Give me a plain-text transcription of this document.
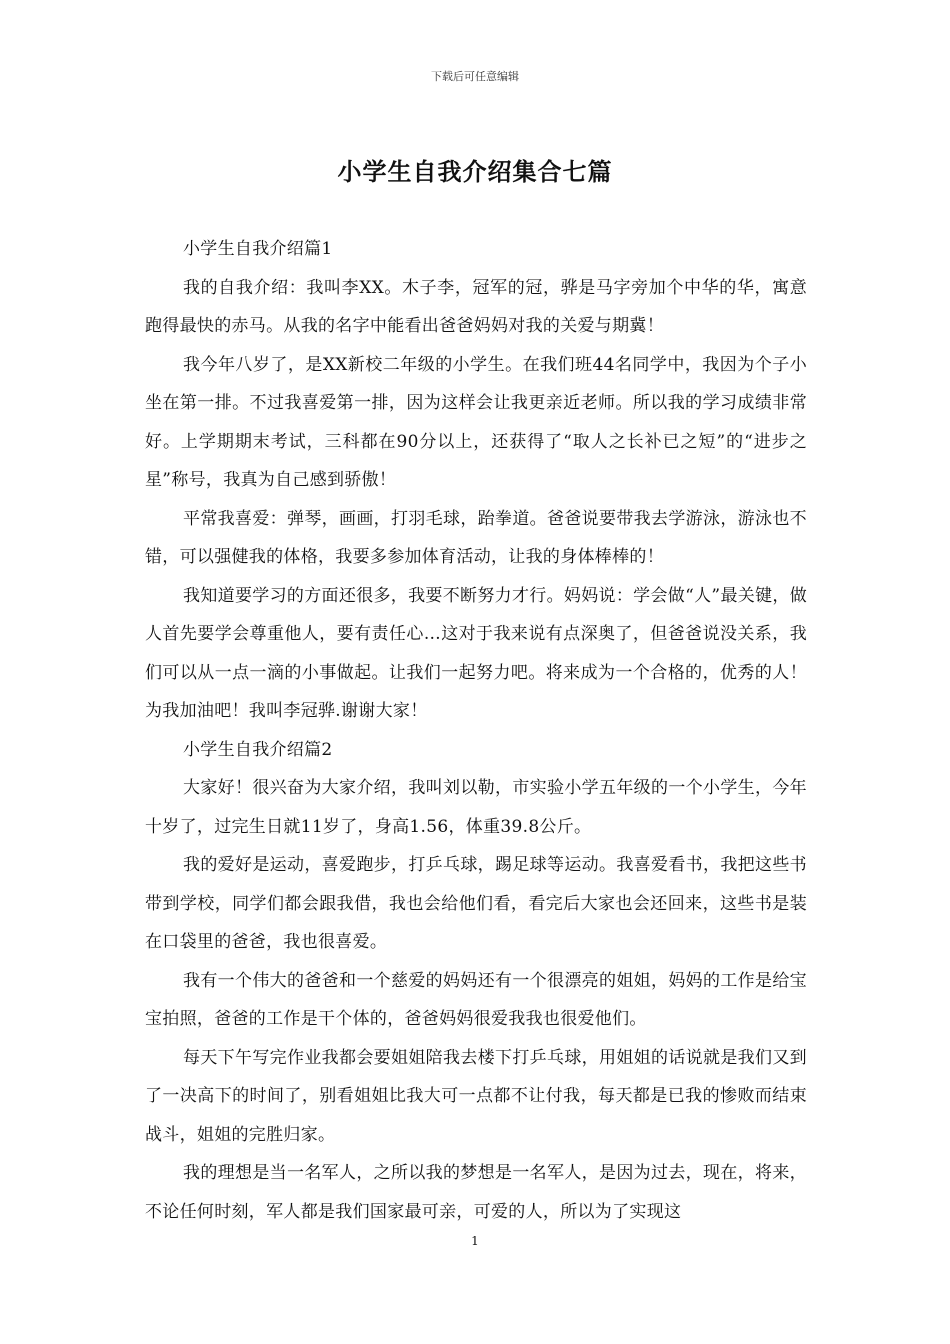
下载后可任意编辑
小学生自我介绍集合七篇

小学生自我介绍篇1

我的自我介绍：我叫李XX。木子李，冠军的冠，骅是马字旁加个中华的华，寓意跑得最快的赤马。从我的名字中能看出爸爸妈妈对我的关爱与期冀！

我今年八岁了，是XX新校二年级的小学生。在我们班44名同学中，我因为个子小坐在第一排。不过我喜爱第一排，因为这样会让我更亲近老师。所以我的学习成绩非常好。上学期期末考试，三科都在90分以上，还获得了“取人之长补已之短”的“进步之星”称号，我真为自己感到骄傲！

平常我喜爱：弹琴，画画，打羽毛球，跆拳道。爸爸说要带我去学游泳，游泳也不错，可以强健我的体格，我要多参加体育活动，让我的身体棒棒的！

我知道要学习的方面还很多，我要不断努力才行。妈妈说：学会做“人”最关键，做人首先要学会尊重他人，要有责任心…这对于我来说有点深奥了，但爸爸说没关系，我们可以从一点一滴的小事做起。让我们一起努力吧。将来成为一个合格的，优秀的人！为我加油吧！我叫李冠骅.谢谢大家！

小学生自我介绍篇2

大家好！很兴奋为大家介绍，我叫刘以勒，市实验小学五年级的一个小学生，今年十岁了，过完生日就11岁了，身高1.56，体重39.8公斤。

我的爱好是运动，喜爱跑步，打乒乓球，踢足球等运动。我喜爱看书，我把这些书带到学校，同学们都会跟我借，我也会给他们看，看完后大家也会还回来，这些书是装在口袋里的爸爸，我也很喜爱。

我有一个伟大的爸爸和一个慈爱的妈妈还有一个很漂亮的姐姐，妈妈的工作是给宝宝拍照，爸爸的工作是干个体的，爸爸妈妈很爱我我也很爱他们。

每天下午写完作业我都会要姐姐陪我去楼下打乒乓球，用姐姐的话说就是我们又到了一决高下的时间了，别看姐姐比我大可一点都不让付我，每天都是已我的惨败而结束战斗，姐姐的完胜归家。

我的理想是当一名军人，之所以我的梦想是一名军人，是因为过去，现在，将来，不论任何时刻，军人都是我们国家最可亲，可爱的人，所以为了实现这

1
